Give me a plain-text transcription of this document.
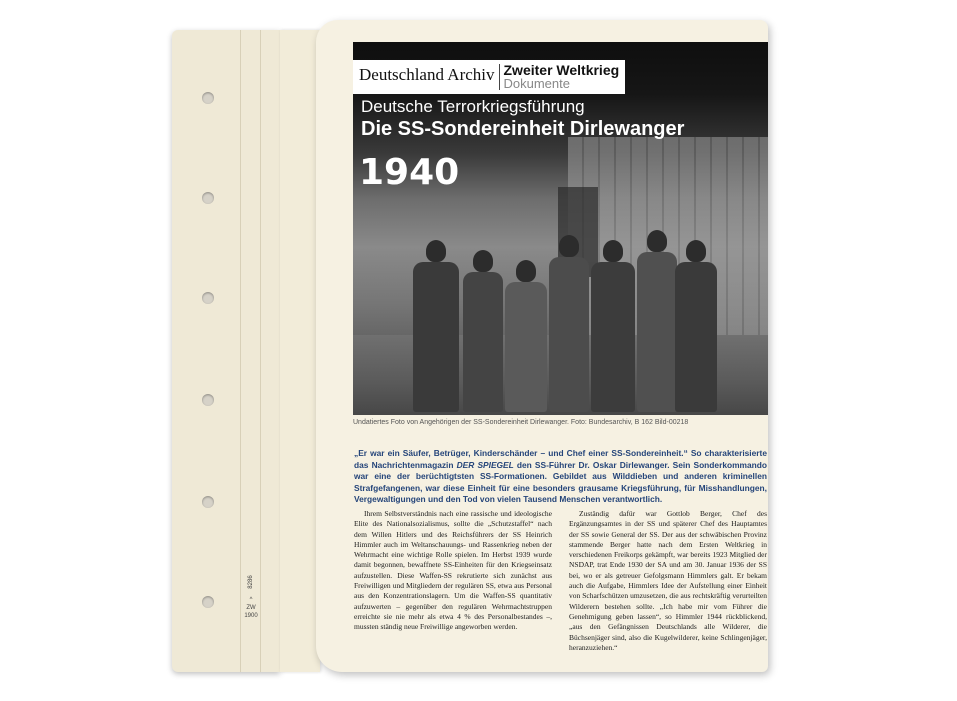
8286
^
ZW
1900
Deutschland Archiv Zweiter Weltkrieg
Dokumente
Deutsche Terrorkriegsführung
Die SS-Sondereinheit Dirlewanger
1940
Undatiertes Foto von Angehörigen der SS-Sondereinheit Dirlewanger. Foto: Bundesarchiv, B 162 Bild-00218
„Er war ein Säufer, Betrüger, Kinderschänder – und Chef einer SS-Sondereinheit.“ So charakterisierte das Nachrichtenmagazin DER SPIEGEL den SS-Führer Dr. Oskar Dirlewanger. Sein Sonderkommando war eine der berüchtigtsten SS-Formationen. Gebildet aus Wilddieben und anderen kriminellen Strafgefangenen, war diese Einheit für eine besonders grausame Kriegsführung, für Misshandlungen, Vergewaltigungen und den Tod von vielen Tausend Menschen verantwortlich.

Ihrem Selbstverständnis nach eine rassische und ideologische Elite des Nationalsozialismus, sollte die „Schutzstaffel“ nach dem Willen Hitlers und des Reichsführers der SS Heinrich Himmler auch im Weltanschauungs- und Rassenkrieg neben der Wehrmacht eine wichtige Rolle spielen. Im Herbst 1939 wurde damit begonnen, bewaffnete SS-Einheiten für den Kriegseinsatz aufzustellen. Diese Waffen-SS rekrutierte sich zunächst aus Freiwilligen und Mitgliedern der regulären SS, etwa aus Personal aus den Konzentrationslagern. Um die Waffen-SS quantitativ aufzuwerten – gegenüber den regulären Wehrmachtstruppen erreichte sie nie mehr als etwa 4 % des Personalbestandes –, mussten ständig neue Freiwillige angeworben werden.

Zuständig dafür war Gottlob Berger, Chef des Ergänzungsamtes in der SS und späterer Chef des Hauptamtes der SS sowie General der SS. Der aus der schwäbischen Provinz stammende Berger hatte nach dem Ersten Weltkrieg in verschiedenen Freikorps gekämpft, war bereits 1923 Mitglied der NSDAP, trat Ende 1930 der SA und am 30. Januar 1936 der SS bei, wo er als getreuer Gefolgsmann Himmlers galt. Er bekam auch die Aufgabe, Himmlers Idee der Aufstellung einer Einheit von Scharfschützen umzusetzen, die aus rechtskräftig verurteilten Wilderern bestehen sollte. „Ich habe mir vom Führer die Genehmigung geben lassen“, so Himmler 1944 rückblickend, „aus den Gefängnissen Deutschlands alle Wilderer, die Büchsenjäger sind, also die Kugelwilderer, keine Schlingenjäger, heranzuziehen.“
